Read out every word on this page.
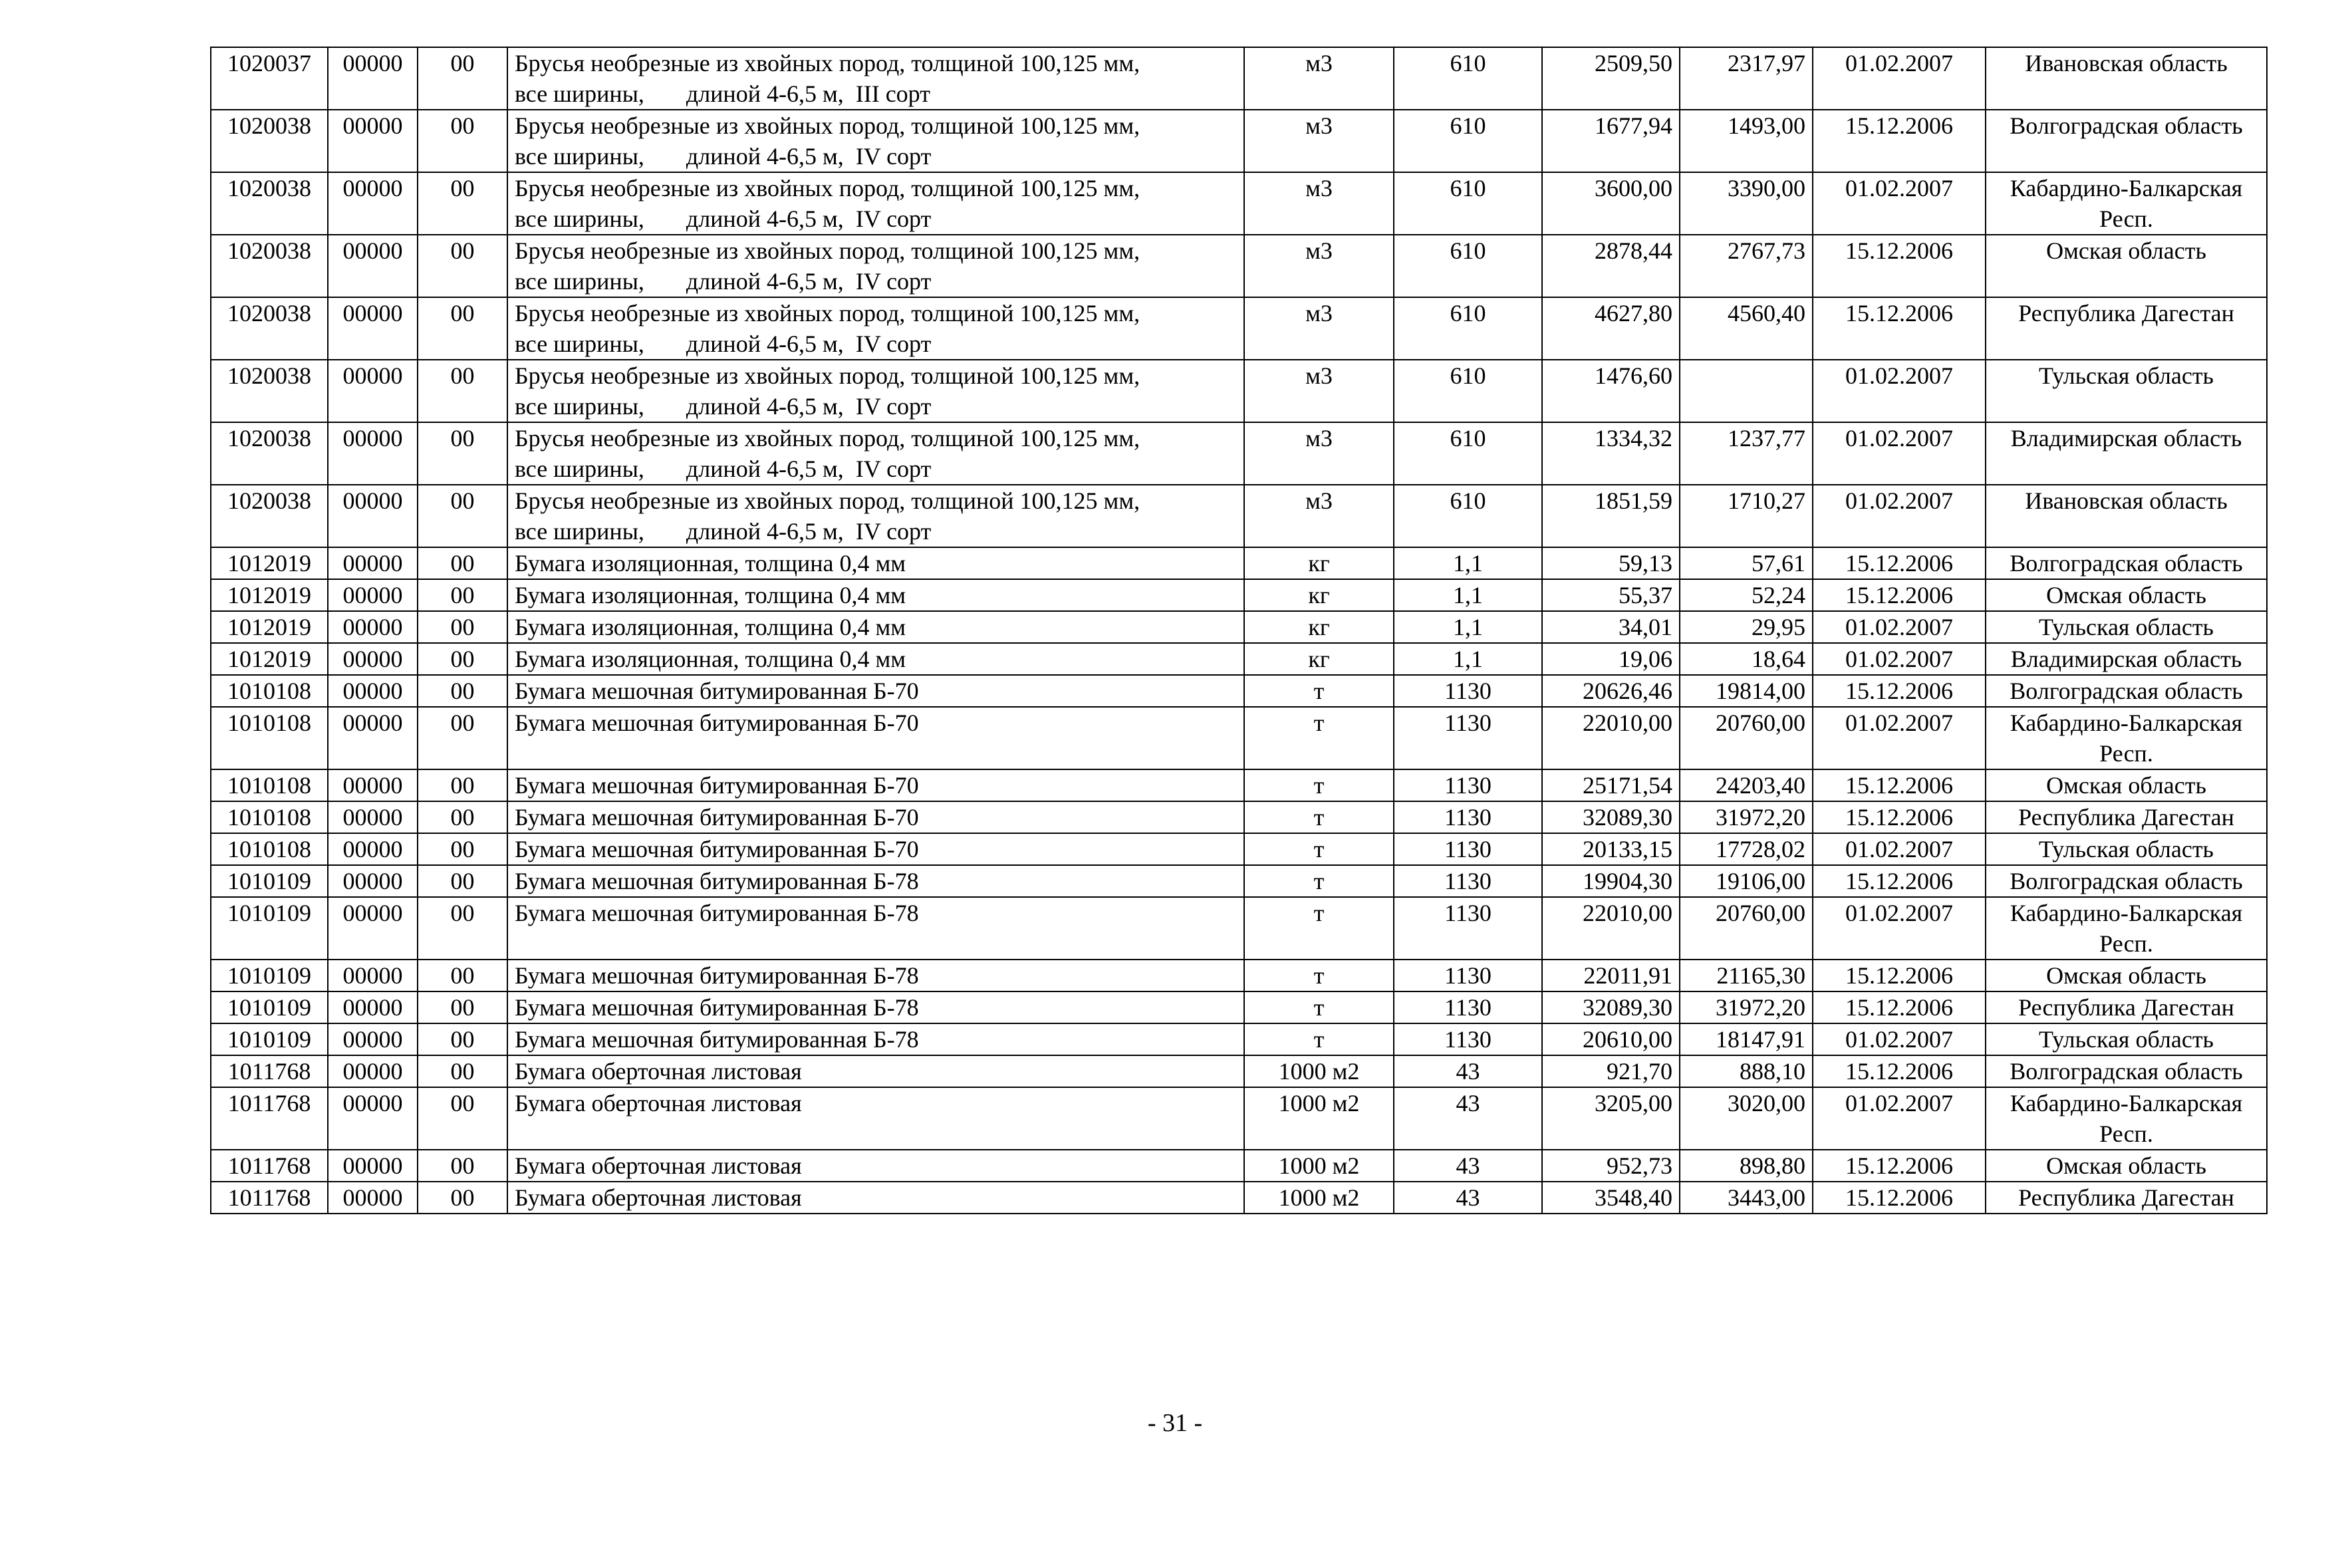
1020037	00000	00	Брусья необрезные из хвойных пород, толщиной 100,125 мм,
все ширины,       длиной 4-6,5 м,  III сорт	м3	610	2509,50	2317,97	01.02.2007	Ивановская область
1020038	00000	00	Брусья необрезные из хвойных пород, толщиной 100,125 мм,
все ширины,       длиной 4-6,5 м,  IV сорт	м3	610	1677,94	1493,00	15.12.2006	Волгоградская область
1020038	00000	00	Брусья необрезные из хвойных пород, толщиной 100,125 мм,
все ширины,       длиной 4-6,5 м,  IV сорт	м3	610	3600,00	3390,00	01.02.2007	Кабардино-Балкарская Респ.
1020038	00000	00	Брусья необрезные из хвойных пород, толщиной 100,125 мм,
все ширины,       длиной 4-6,5 м,  IV сорт	м3	610	2878,44	2767,73	15.12.2006	Омская область
1020038	00000	00	Брусья необрезные из хвойных пород, толщиной 100,125 мм,
все ширины,       длиной 4-6,5 м,  IV сорт	м3	610	4627,80	4560,40	15.12.2006	Республика Дагестан
1020038	00000	00	Брусья необрезные из хвойных пород, толщиной 100,125 мм,
все ширины,       длиной 4-6,5 м,  IV сорт	м3	610	1476,60		01.02.2007	Тульская область
1020038	00000	00	Брусья необрезные из хвойных пород, толщиной 100,125 мм,
все ширины,       длиной 4-6,5 м,  IV сорт	м3	610	1334,32	1237,77	01.02.2007	Владимирская область
1020038	00000	00	Брусья необрезные из хвойных пород, толщиной 100,125 мм,
все ширины,       длиной 4-6,5 м,  IV сорт	м3	610	1851,59	1710,27	01.02.2007	Ивановская область
1012019	00000	00	Бумага изоляционная, толщина 0,4 мм	кг	1,1	59,13	57,61	15.12.2006	Волгоградская область
1012019	00000	00	Бумага изоляционная, толщина 0,4 мм	кг	1,1	55,37	52,24	15.12.2006	Омская область
1012019	00000	00	Бумага изоляционная, толщина 0,4 мм	кг	1,1	34,01	29,95	01.02.2007	Тульская область
1012019	00000	00	Бумага изоляционная, толщина 0,4 мм	кг	1,1	19,06	18,64	01.02.2007	Владимирская область
1010108	00000	00	Бумага мешочная битумированная Б-70	т	1130	20626,46	19814,00	15.12.2006	Волгоградская область
1010108	00000	00	Бумага мешочная битумированная Б-70	т	1130	22010,00	20760,00	01.02.2007	Кабардино-Балкарская Респ.
1010108	00000	00	Бумага мешочная битумированная Б-70	т	1130	25171,54	24203,40	15.12.2006	Омская область
1010108	00000	00	Бумага мешочная битумированная Б-70	т	1130	32089,30	31972,20	15.12.2006	Республика Дагестан
1010108	00000	00	Бумага мешочная битумированная Б-70	т	1130	20133,15	17728,02	01.02.2007	Тульская область
1010109	00000	00	Бумага мешочная битумированная Б-78	т	1130	19904,30	19106,00	15.12.2006	Волгоградская область
1010109	00000	00	Бумага мешочная битумированная Б-78	т	1130	22010,00	20760,00	01.02.2007	Кабардино-Балкарская Респ.
1010109	00000	00	Бумага мешочная битумированная Б-78	т	1130	22011,91	21165,30	15.12.2006	Омская область
1010109	00000	00	Бумага мешочная битумированная Б-78	т	1130	32089,30	31972,20	15.12.2006	Республика Дагестан
1010109	00000	00	Бумага мешочная битумированная Б-78	т	1130	20610,00	18147,91	01.02.2007	Тульская область
1011768	00000	00	Бумага оберточная листовая	1000 м2	43	921,70	888,10	15.12.2006	Волгоградская область
1011768	00000	00	Бумага оберточная листовая	1000 м2	43	3205,00	3020,00	01.02.2007	Кабардино-Балкарская Респ.
1011768	00000	00	Бумага оберточная листовая	1000 м2	43	952,73	898,80	15.12.2006	Омская область
1011768	00000	00	Бумага оберточная листовая	1000 м2	43	3548,40	3443,00	15.12.2006	Республика Дагестан
- 31 -
